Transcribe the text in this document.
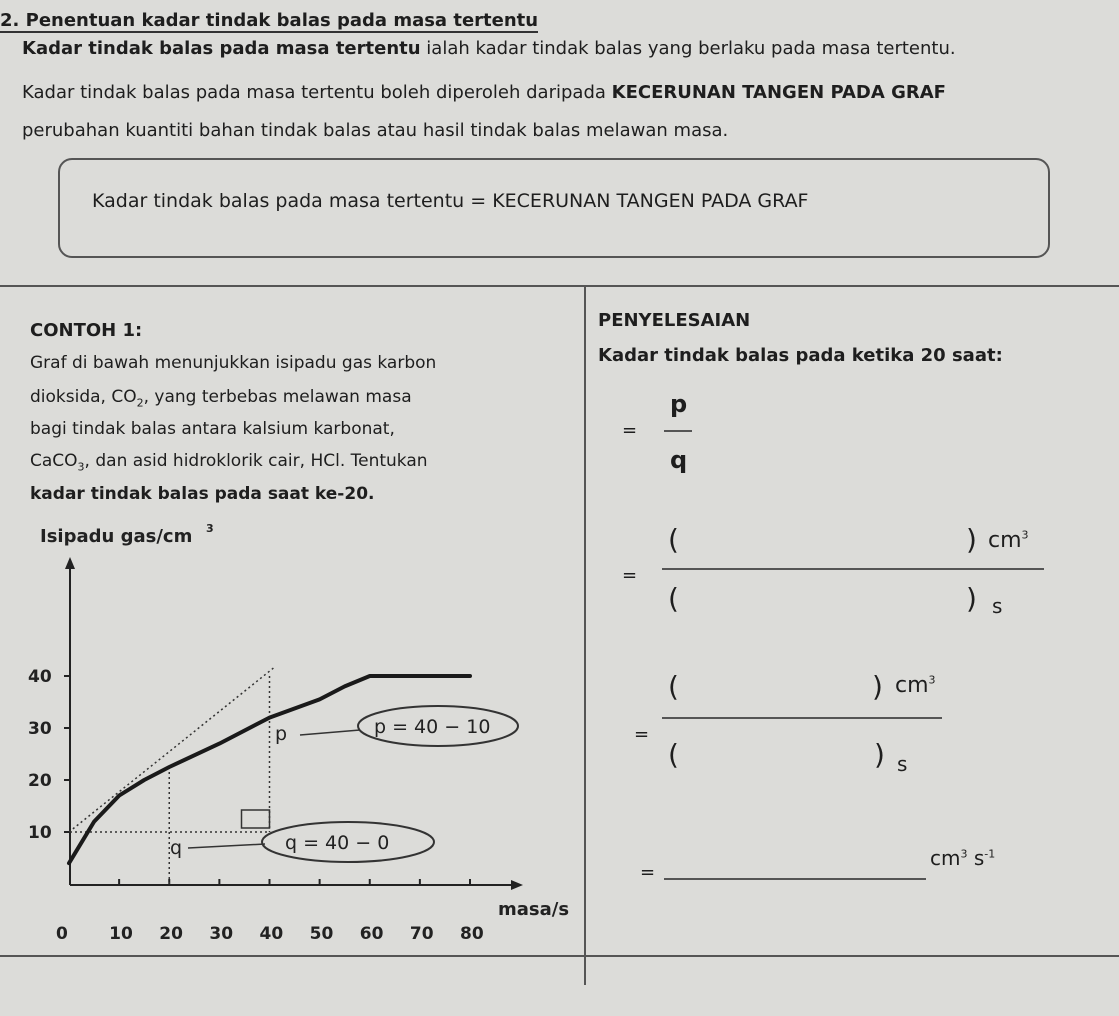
2. Penentuan kadar tindak balas pada masa tertentu
Kadar tindak balas pada masa tertentu ialah kadar tindak balas yang berlaku pada masa tertentu.
Kadar tindak balas pada masa tertentu boleh diperoleh daripada KECERUNAN TANGEN PADA GRAF
perubahan kuantiti bahan tindak balas atau hasil tindak balas melawan masa.
Kadar tindak balas pada masa tertentu = KECERUNAN TANGEN PADA GRAF
CONTOH 1:
Graf di bawah menunjukkan isipadu gas karbon
dioksida, $CO_2$, yang terbebas melawan masa
bagi tindak balas antara kalsium karbonat,
CaCO$_3$, dan asid hidroklorik cair, HCl. Tentukan
kadar tindak balas pada saat ke-20.
10
20
30
40
0 10 20 30 40 50 60 70 80
Isipadu gas/cm 3
masa/s
p	p = 40 − 10
q	q = 40 − 0
PENYELESAIAN
Kadar tindak balas pada ketika 20 saat:
=
p
q
=
(	) $cm^3$
(	) s
=
(	) $cm^3$
(	) s
=
$cm^3$ $s^{-1}$
